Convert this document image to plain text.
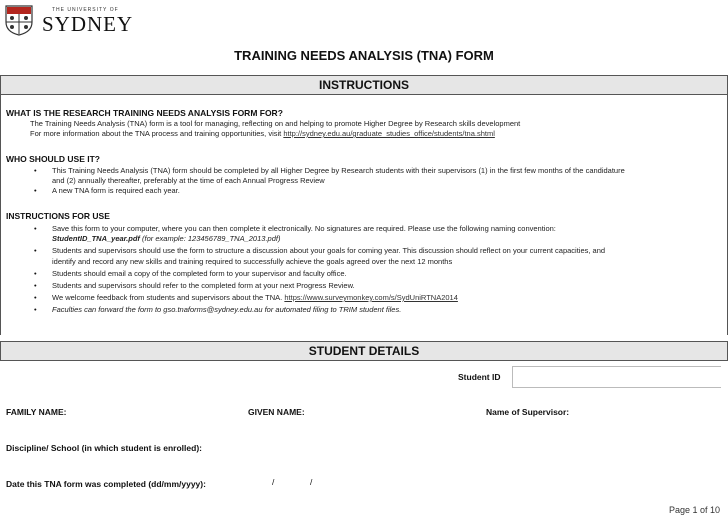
THE UNIVERSITY OF
SYDNEY
TRAINING NEEDS ANALYSIS (TNA) FORM
INSTRUCTIONS
WHAT IS THE RESEARCH TRAINING NEEDS ANALYSIS FORM FOR?
The Training Needs Analysis (TNA) form is a tool for managing, reflecting on and helping to promote Higher Degree by Research skills development
For more information about the TNA process and training opportunities, visit http://sydney.edu.au/graduate_studies_office/students/tna.shtml
WHO SHOULD USE IT?
• This Training Needs Analysis (TNA) form should be completed by all Higher Degree by Research students with their supervisors (1) in the first few months of the candidature
and (2) annually thereafter, preferably at the time of each Annual Progress Review
• A new TNA form is required each year.
INSTRUCTIONS FOR USE
• Save this form to your computer, where you can then complete it electronically. No signatures are required. Please use the following naming convention:
StudentID_TNA_year.pdf (for example: 123456789_TNA_2013.pdf)
• Students and supervisors should use the form to structure a discussion about your goals for coming year. This discussion should reflect on your current capacities, and
identify and record any new skills and training required to successfully achieve the goals agreed over the next 12 months
• Students should email a copy of the completed form to your supervisor and faculty office.
• Students and supervisors should refer to the completed form at your next Progress Review.
• We welcome feedback from students and supervisors about the TNA. https://www.surveymonkey.com/s/SydUniRTNA2014
• Faculties can forward the form to gso.tnaforms@sydney.edu.au for automated filing to TRIM student files.
STUDENT DETAILS
Student ID
FAMILY NAME:	GIVEN NAME:	Name of Supervisor:
Discipline/ School (in which student is enrolled):
Date this TNA form was completed (dd/mm/yyyy):	/	/
Page 1 of 10
